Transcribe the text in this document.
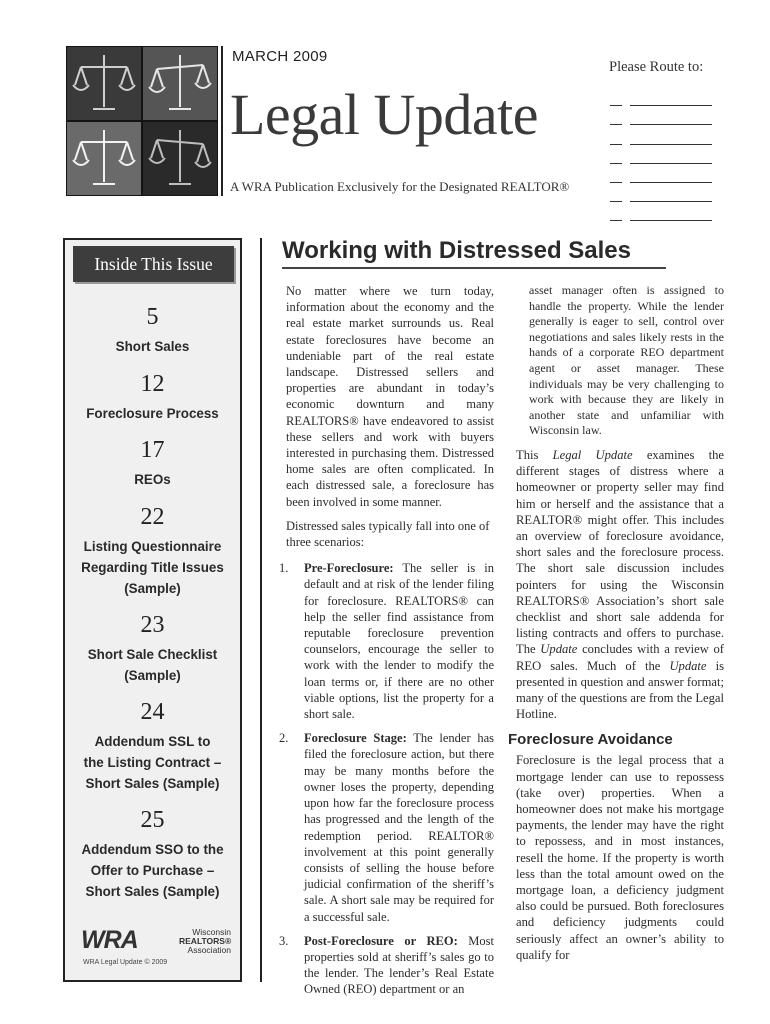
MARCH 2009
Legal Update
A WRA Publication Exclusively for the Designated REALTOR®
Please Route to:
Inside This Issue
5
Short Sales
12
Foreclosure Process
17
REOs
22
Listing Questionnaire
Regarding Title Issues
(Sample)
23
Short Sale Checklist
(Sample)
24
Addendum SSL to
the Listing Contract –
Short Sales (Sample)
25
Addendum SSO to the
Offer to Purchase –
Short Sales (Sample)
WRA	Wisconsin
REALTORS®
Association
WRA Legal Update © 2009
Working with Distressed Sales

No matter where we turn today, information about the economy and the real estate market surrounds us. Real estate foreclosures have become an undeniable part of the real estate landscape. Distressed sellers and properties are abundant in today’s economic downturn and many REALTORS® have endeavored to assist these sellers and work with buyers interested in purchasing them. Distressed home sales are often complicated. In each distressed sale, a foreclosure has been involved in some manner.

Distressed sales typically fall into one of three scenarios:

1.	Pre-Foreclosure: The seller is in default and at risk of the lender filing for foreclosure. REALTORS® can help the seller find assistance from reputable foreclosure prevention counselors, encourage the seller to work with the lender to modify the loan terms or, if there are no other viable options, list the property for a short sale.
2.	Foreclosure Stage: The lender has filed the foreclosure action, but there may be many months before the owner loses the property, depending upon how far the foreclosure process has progressed and the length of the redemption period. REALTOR® involvement at this point generally consists of selling the house before judicial confirmation of the sheriff’s sale. A short sale may be required for a successful sale.
3.	Post-Foreclosure or REO: Most properties sold at sheriff’s sales go to the lender. The lender’s Real Estate Owned (REO) department or an

asset manager often is assigned to handle the property. While the lender generally is eager to sell, control over negotiations and sales likely rests in the hands of a corporate REO department agent or asset manager. These individuals may be very challenging to work with because they are likely in another state and unfamiliar with Wisconsin law.

This Legal Update examines the different stages of distress where a homeowner or property seller may find him or herself and the assistance that a REALTOR® might offer. This includes an overview of foreclosure avoidance, short sales and the foreclosure process. The short sale discussion includes pointers for using the Wisconsin REALTORS® Association’s short sale checklist and short sale addenda for listing contracts and offers to purchase. The Update concludes with a review of REO sales. Much of the Update is presented in question and answer format; many of the questions are from the Legal Hotline.

Foreclosure Avoidance

Foreclosure is the legal process that a mortgage lender can use to repossess (take over) properties. When a homeowner does not make his mortgage payments, the lender may have the right to repossess, and in most instances, resell the home. If the property is worth less than the total amount owed on the mortgage loan, a deficiency judgment also could be pursued. Both foreclosures and deficiency judgments could seriously affect an owner’s ability to qualify for
